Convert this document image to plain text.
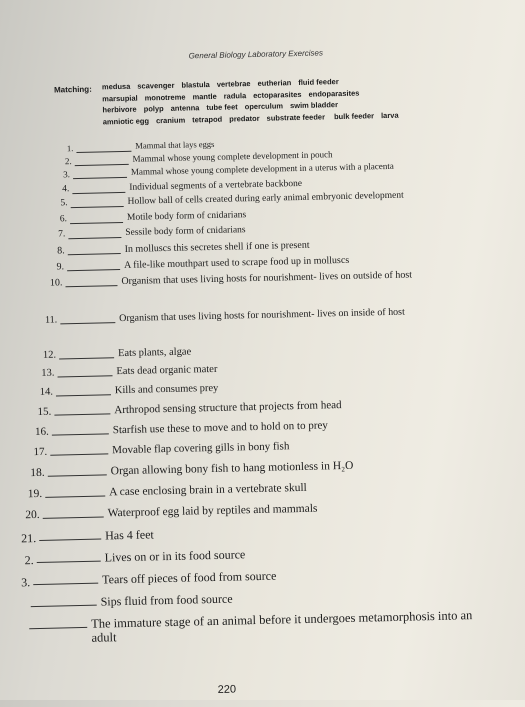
General Biology Laboratory Exercises
Matching: medusa scavenger blastula vertebrae eutherian fluid feeder marsupial monotreme mantle radula ectoparasites endoparasites herbivore polyp antenna tube feet operculum swim bladder amniotic egg cranium tetrapod predator substrate feeder bulk feeder larva
1.	Mammal that lays eggs
2.	Mammal whose young complete development in pouch
3.	Mammal whose young complete development in a uterus with a placenta
4.	Individual segments of a vertebrate backbone
5.	Hollow ball of cells created during early animal embryonic development
6.	Motile body form of cnidarians
7.	Sessile body form of cnidarians
8.	In molluscs this secretes shell if one is present
9.	A file-like mouthpart used to scrape food up in molluscs
10.	Organism that uses living hosts for nourishment- lives on outside of host
11.	Organism that uses living hosts for nourishment- lives on inside of host
12.	Eats plants, algae
13.	Eats dead organic mater
14.	Kills and consumes prey
15.	Arthropod sensing structure that projects from head
16.	Starfish use these to move and to hold on to prey
17.	Movable flap covering gills in bony fish
18.	Organ allowing bony fish to hang motionless in H₂O
19.	A case enclosing brain in a vertebrate skull
20.	Waterproof egg laid by reptiles and mammals
21.	Has 4 feet
2.	Lives on or in its food source
3.	Tears off pieces of food from source
Sips fluid from food source
The immature stage of an animal before it undergoes metamorphosis into an adult
220
